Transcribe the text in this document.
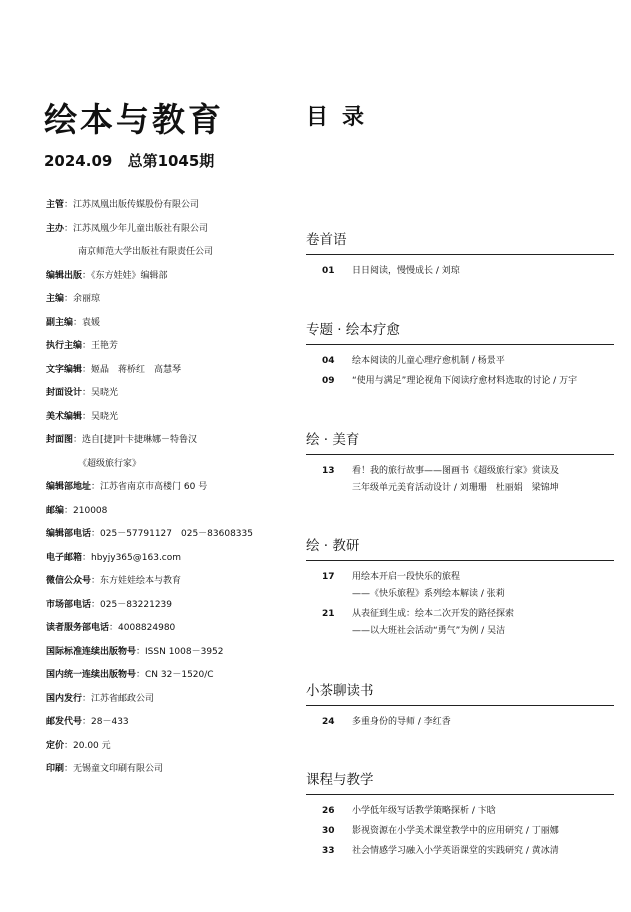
绘本与教育
2024.09 总第1045期
主管：江苏凤凰出版传媒股份有限公司
主办：江苏凤凰少年儿童出版社有限公司
南京师范大学出版社有限责任公司
编辑出版：《东方娃娃》编辑部
主编：余丽琼
副主编：袁媛
执行主编：王艳芳
文字编辑：姬晶　蒋桥红　高慧琴
封面设计：吴晓光
美术编辑：吴晓光
封面图：选自[捷]叶卡捷琳娜－特鲁汉
《超级旅行家》
编辑部地址：江苏省南京市高楼门 60 号
邮编：210008
编辑部电话：025－57791127　025－83608335
电子邮箱：hbyjy365@163.com
微信公众号：东方娃娃绘本与教育
市场部电话：025－83221239
读者服务部电话：4008824980
国际标准连续出版物号：ISSN 1008－3952
国内统一连续出版物号：CN 32－1520/C
国内发行：江苏省邮政公司
邮发代号：28－433
定价：20.00 元
印刷：无锡童文印刷有限公司
目录
卷首语
01	日日阅读，慢慢成长 / 刘琼
专题 · 绘本疗愈
04	绘本阅读的儿童心理疗愈机制 / 杨景平
09	“使用与满足”理论视角下阅读疗愈材料选取的讨论 / 万宇
绘 · 美育
13	看！我的旅行故事——图画书《超级旅行家》赏读及
三年级单元美育活动设计 / 刘珊珊　杜丽娟　梁锦坤
绘 · 教研
17	用绘本开启一段快乐的旅程
——《快乐旅程》系列绘本解读 / 张莉
21	从表征到生成：绘本二次开发的路径探索
——以大班社会活动“勇气”为例 / 吴洁
小茶聊读书
24	多重身份的导师 / 李红香
课程与教学
26	小学低年级写话教学策略探析 / 卞晗
30	影视资源在小学美术课堂教学中的应用研究 / 丁丽娜
33	社会情感学习融入小学英语课堂的实践研究 / 黄冰清
